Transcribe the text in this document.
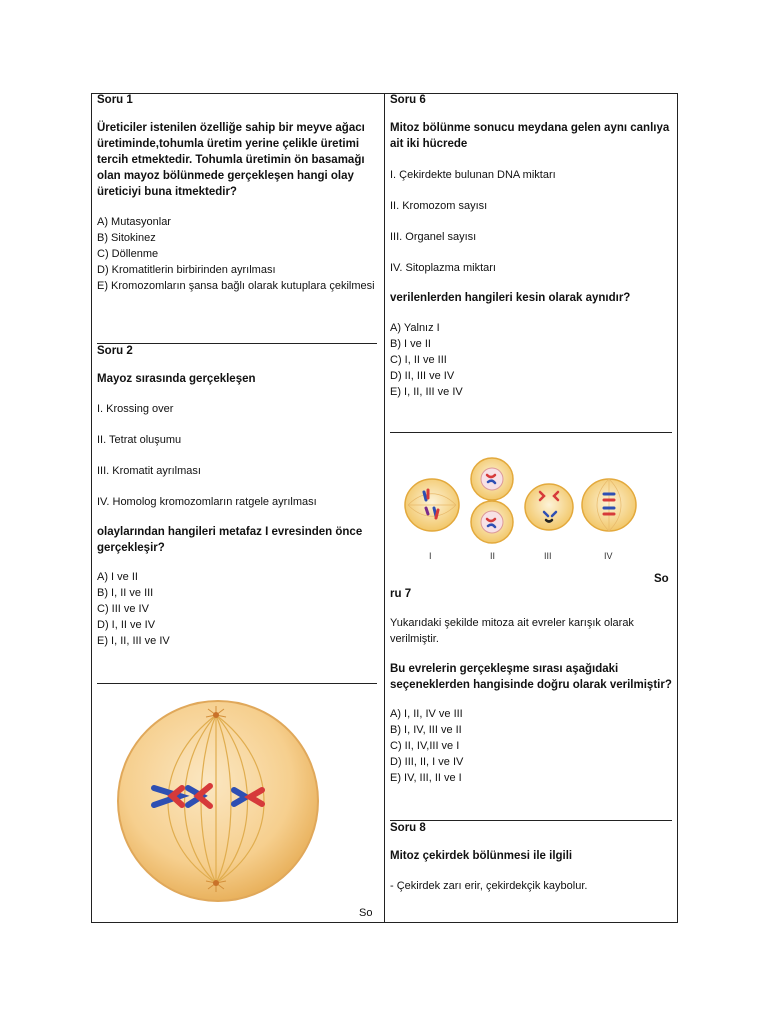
Soru 1

Üreticiler istenilen özelliğe sahip bir meyve ağacı üretiminde,tohumla üretim yerine çelikle üretimi tercih etmektedir. Tohumla üretimin ön basamağı olan mayoz bölünmede gerçekleşen hangi olay üreticiyi buna itmektedir?

A) Mutasyonlar
B) Sitokinez
C) Döllenme
D) Kromatitlerin birbirinden ayrılması
E) Kromozomların şansa bağlı olarak kutuplara çekilmesi

Soru 2

Mayoz sırasında gerçekleşen

I. Krossing over

II. Tetrat oluşumu

III. Kromatit ayrılması

IV. Homolog kromozomların ratgele ayrılması

olaylarından hangileri metafaz I evresinden önce gerçekleşir?

A) I ve II
B) I, II ve III
C) III ve IV
D) I, II ve IV
E) I, II, III ve IV
So

Soru 6

Mitoz bölünme sonucu meydana gelen aynı canlıya ait iki hücrede

I. Çekirdekte bulunan DNA miktarı

II. Kromozom sayısı

III. Organel sayısı

IV. Sitoplazma miktarı

verilenlerden hangileri kesin olarak aynıdır?

A) Yalnız I
B) I ve II
C) I, II ve III
D) II, III ve IV
E) I, II, III ve IV
I	II	III	IV
So

ru 7

Yukarıdaki şekilde mitoza ait evreler karışık olarak verilmiştir.

Bu evrelerin gerçekleşme sırası aşağıdaki seçeneklerden hangisinde doğru olarak verilmiştir?

A) I, II, IV ve III
B) I, IV, III ve II
C) II, IV,III ve I
D) III, II, I ve IV
E) IV, III, II ve I

Soru 8

Mitoz çekirdek bölünmesi ile ilgili

- Çekirdek zarı erir, çekirdekçik kaybolur.
